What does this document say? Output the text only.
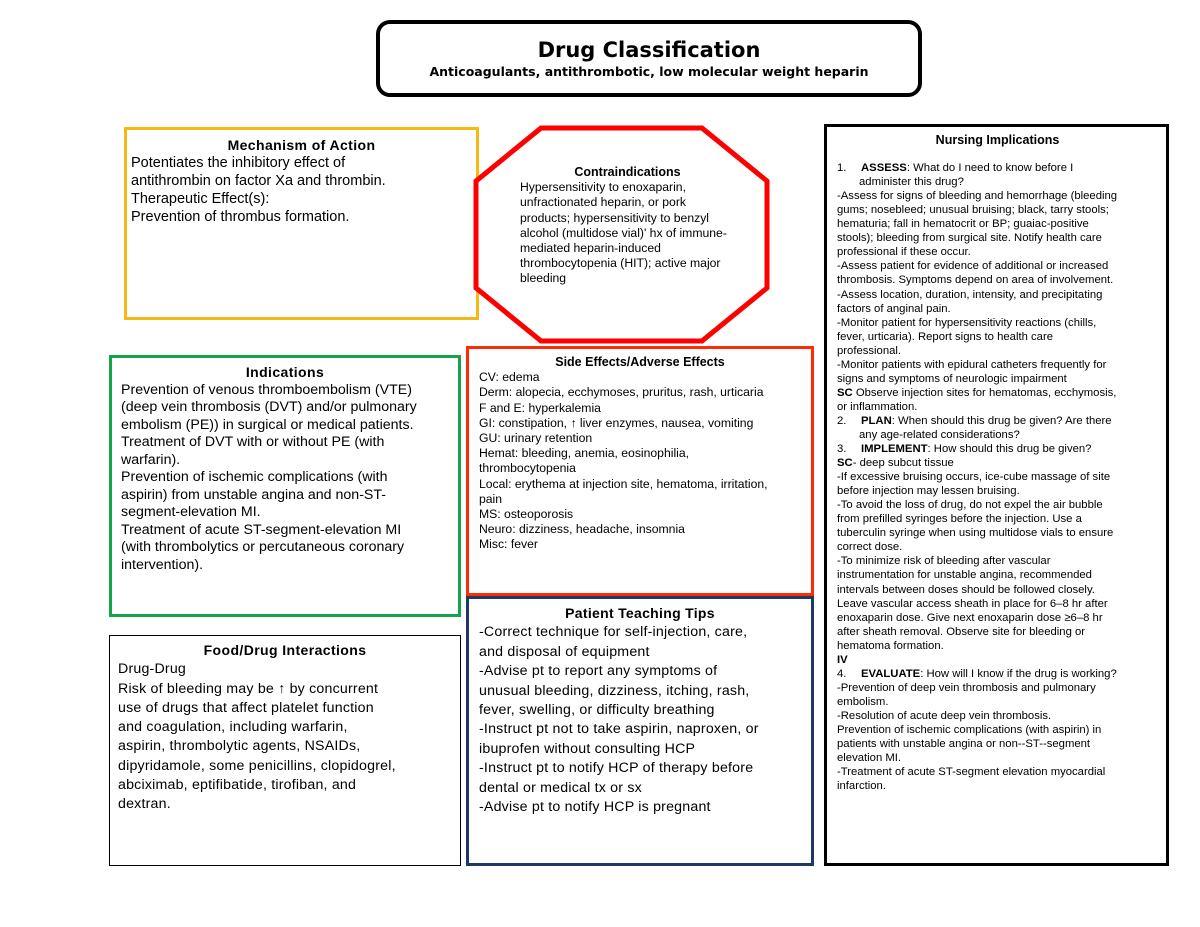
Drug Classification
Anticoagulants, antithrombotic, low molecular weight heparin
Mechanism of Action
Potentiates the inhibitory effect of
antithrombin on factor Xa and thrombin.
Therapeutic Effect(s):
Prevention of thrombus formation.
Contraindications
Hypersensitivity to enoxaparin,
unfractionated heparin, or pork
products; hypersensitivity to benzyl
alcohol (multidose vial)' hx of immune-
mediated heparin-induced
thrombocytopenia (HIT); active major
bleeding
Indications
Prevention of venous thromboembolism (VTE)
(deep vein thrombosis (DVT) and/or pulmonary
embolism (PE)) in surgical or medical patients.
Treatment of DVT with or without PE (with
warfarin).
Prevention of ischemic complications (with
aspirin) from unstable angina and non-ST-
segment-elevation MI.
Treatment of acute ST-segment-elevation MI
(with thrombolytics or percutaneous coronary
intervention).
Side Effects/Adverse Effects
CV: edema
Derm: alopecia, ecchymoses, pruritus, rash, urticaria
F and E: hyperkalemia
GI: constipation, ↑ liver enzymes, nausea, vomiting
GU: urinary retention
Hemat: bleeding, anemia, eosinophilia,
thrombocytopenia
Local: erythema at injection site, hematoma, irritation,
pain
MS: osteoporosis
Neuro: dizziness, headache, insomnia
Misc: fever
Food/Drug Interactions
Drug-Drug
Risk of bleeding may be ↑ by concurrent
use of drugs that affect platelet function
and coagulation, including warfarin,
aspirin, thrombolytic agents, NSAIDs,
dipyridamole, some penicillins, clopidogrel,
abciximab, eptifibatide, tirofiban, and
dextran.
Patient Teaching Tips
-Correct technique for self-injection, care,
and disposal of equipment
-Advise pt to report any symptoms of
unusual bleeding, dizziness, itching, rash,
fever, swelling, or difficulty breathing
-Instruct pt not to take aspirin, naproxen, or
ibuprofen without consulting HCP
-Instruct pt to notify HCP of therapy before
dental or medical tx or sx
-Advise pt to notify HCP is pregnant
Nursing Implications

1. ASSESS: What do I need to know before I
administer this drug?
-Assess for signs of bleeding and hemorrhage (bleeding
gums; nosebleed; unusual bruising; black, tarry stools;
hematuria; fall in hematocrit or BP; guaiac-positive
stools); bleeding from surgical site. Notify health care
professional if these occur.
-Assess patient for evidence of additional or increased
thrombosis. Symptoms depend on area of involvement.
-Assess location, duration, intensity, and precipitating
factors of anginal pain.
-Monitor patient for hypersensitivity reactions (chills,
fever, urticaria). Report signs to health care
professional.
-Monitor patients with epidural catheters frequently for
signs and symptoms of neurologic impairment
SC Observe injection sites for hematomas, ecchymosis,
or inflammation.
2. PLAN: When should this drug be given? Are there
any age-related considerations?
3. IMPLEMENT: How should this drug be given?
SC- deep subcut tissue
-If excessive bruising occurs, ice-cube massage of site
before injection may lessen bruising.
-To avoid the loss of drug, do not expel the air bubble
from prefilled syringes before the injection. Use a
tuberculin syringe when using multidose vials to ensure
correct dose.
-To minimize risk of bleeding after vascular
instrumentation for unstable angina, recommended
intervals between doses should be followed closely.
Leave vascular access sheath in place for 6–8 hr after
enoxaparin dose. Give next enoxaparin dose ≥6–8 hr
after sheath removal. Observe site for bleeding or
hematoma formation.
IV
4. EVALUATE: How will I know if the drug is working?
-Prevention of deep vein thrombosis and pulmonary
embolism.
-Resolution of acute deep vein thrombosis.
Prevention of ischemic complications (with aspirin) in
patients with unstable angina or non--ST--segment
elevation MI.
-Treatment of acute ST-segment elevation myocardial
infarction.
